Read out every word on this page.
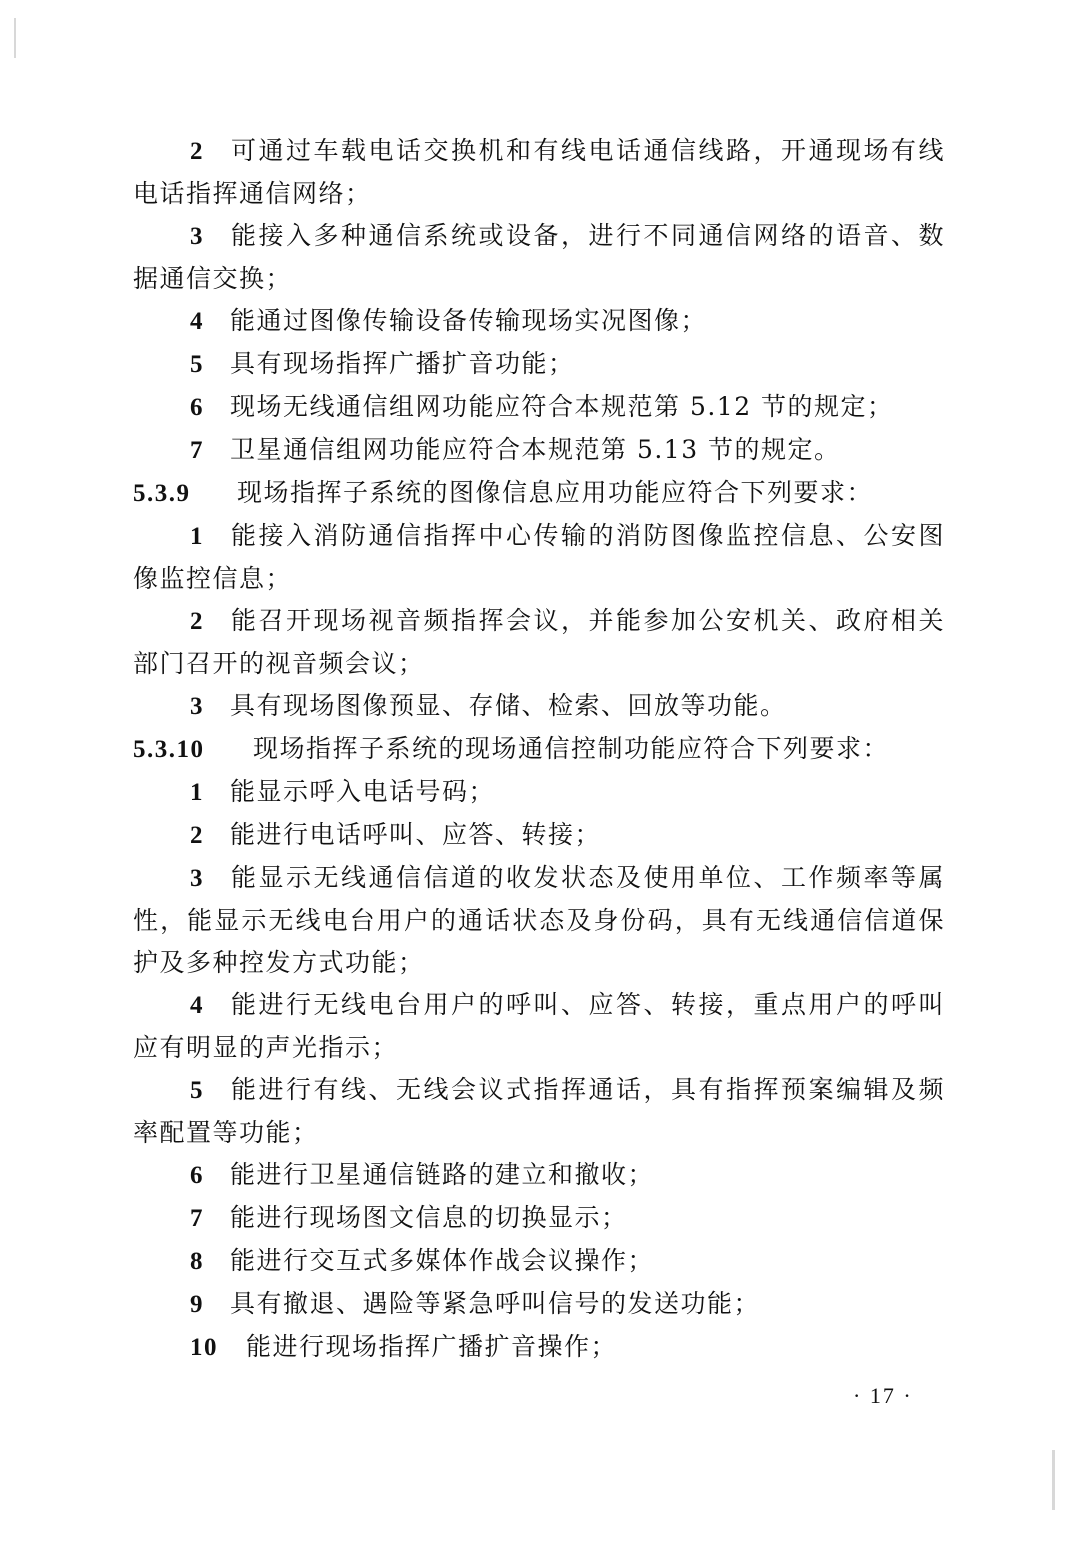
2 可通过车载电话交换机和有线电话通信线路，开通现场有线电话指挥通信网络；

3 能接入多种通信系统或设备，进行不同通信网络的语音、数据通信交换；

4 能通过图像传输设备传输现场实况图像；

5 具有现场指挥广播扩音功能；

6 现场无线通信组网功能应符合本规范第 5.12 节的规定；

7 卫星通信组网功能应符合本规范第 5.13 节的规定。

5.3.9 现场指挥子系统的图像信息应用功能应符合下列要求：

1 能接入消防通信指挥中心传输的消防图像监控信息、公安图像监控信息；

2 能召开现场视音频指挥会议，并能参加公安机关、政府相关部门召开的视音频会议；

3 具有现场图像预显、存储、检索、回放等功能。

5.3.10 现场指挥子系统的现场通信控制功能应符合下列要求：

1 能显示呼入电话号码；

2 能进行电话呼叫、应答、转接；

3 能显示无线通信信道的收发状态及使用单位、工作频率等属性，能显示无线电台用户的通话状态及身份码，具有无线通信信道保护及多种控发方式功能；

4 能进行无线电台用户的呼叫、应答、转接，重点用户的呼叫应有明显的声光指示；

5 能进行有线、无线会议式指挥通话，具有指挥预案编辑及频率配置等功能；

6 能进行卫星通信链路的建立和撤收；

7 能进行现场图文信息的切换显示；

8 能进行交互式多媒体作战会议操作；

9 具有撤退、遇险等紧急呼叫信号的发送功能；

10 能进行现场指挥广播扩音操作；

· 17 ·
